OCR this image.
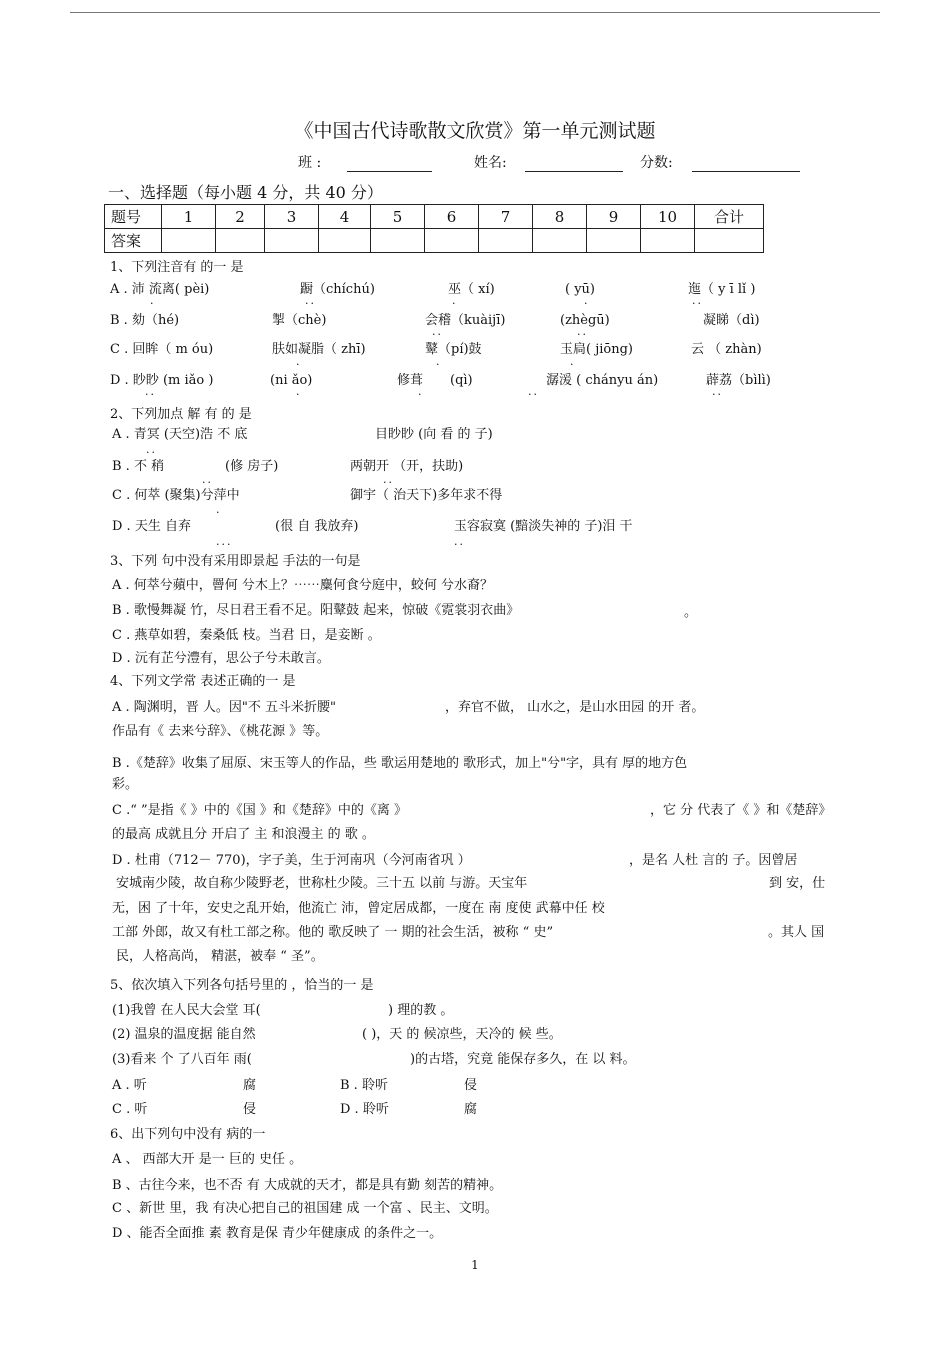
《中国古代诗歌散文欣赏》第一单元测试题
班 :	姓名:	分数:
一、选择题（每小题 4 分，共 40 分）
题号	1	2	3	4	5	6	7	8	9	10	合计
答案											
1、下列注音有 的一 是
A . 沛 流离( pèi)	蹰（chíchú)	巫（ xí)	( yū)	迤（ y ī lǐ )
B . 劾（hé)	掣（chè)	会稽（kuàijī)	(zhègū)	凝睇（dì)
C . 回眸（ m óu)	肤如凝脂（ zhī)	鼙（pí)鼓	玉扃( jiōng)	云 （ zhàn)
D . 眇眇 (m iǎo )	(ni ǎo)	修葺 (qì)	潺湲 ( chányu án)	薜荔（bìlì)
2、下列加点 解 有 的 是
A . 青冥 (天空)浩 不 底	目眇眇 (向 看 的 子)
B . 不 稍	(修 房子)	两朝开 （开，扶助)
C . 何萃 (聚集)兮萍中	御宇（ 治天下)多年求不得
D . 天生 自弃	(很 自 我放弃)	玉容寂寞 (黯淡失神的 子)泪 干
3、下列 句中没有采用即景起 手法的一句是
A . 何萃兮蘋中，罾何 兮木上？⋯⋯麋何食兮庭中，蛟何 兮水裔？
B . 歌慢舞凝 竹，尽日君王看不足。阳鼙鼓 起来，惊破《霓裳羽衣曲》	。
C . 燕草如碧，秦桑低 枝。当君 日，是妾断 。
D . 沅有芷兮澧有，思公子兮未敢言。
4、下列文学常 表述正确的一 是
A . 陶渊明，晋 人。因"不 五斗米折腰"	，弃官不做， 山水之，是山水田园 的开 者。
作品有《 去来兮辞》、《桃花源 》等。
B .《楚辞》收集了屈原、宋玉等人的作品，些 歌运用楚地的 歌形式，加上"兮"字，具有 厚的地方色
彩。
C .“ ”是指《 》中的《国 》和《楚辞》中的《离 》	，它 分 代表了《 》和《楚辞》
的最高 成就且分 开启了 主 和浪漫主 的 歌 。
D . 杜甫（712－ 770)，字子美，生于河南巩（今河南省巩 ）	，是名 人杜 言的 子。因曾居
安城南少陵，故自称少陵野老，世称杜少陵。三十五 以前 与游。天宝年	到 安，仕
无，困 了十年，安史之乱开始，他流亡 沛，曾定居成都，一度在 南 度使 武幕中任 校
工部 外郎，故又有杜工部之称。他的 歌反映了 一 期的社会生活，被称 “ 史”	。其人 国
民，人格高尚， 精湛，被奉 “ 圣”。
5、依次填入下列各句括号里的 ，恰当的一 是
(1)我曾 在人民大会堂 耳(	) 理的教 。
(2) 温泉的温度据 能自然	( )，天 的 候凉些，天冷的 候 些。
(3)看来 个 了八百年 雨(	)的古塔，究竟 能保存多久，在 以 料。
A . 听	腐	B . 聆听	侵
C . 听	侵	D . 聆听	腐
6、出下列句中没有 病的一
A 、 西部大开 是一 巨的 史任 。
B 、古往今来，也不否 有 大成就的天才，都是具有勤 刻苦的精神。
C 、新世 里，我 有决心把自己的祖国建 成 一个富 、民主、文明。
D 、能否全面推 素 教育是保 青少年健康成 的条件之一。
·	··	·	·	··
··	··
·	·	·
··	·	·	··	··
··
··	··
·
···	··
1
